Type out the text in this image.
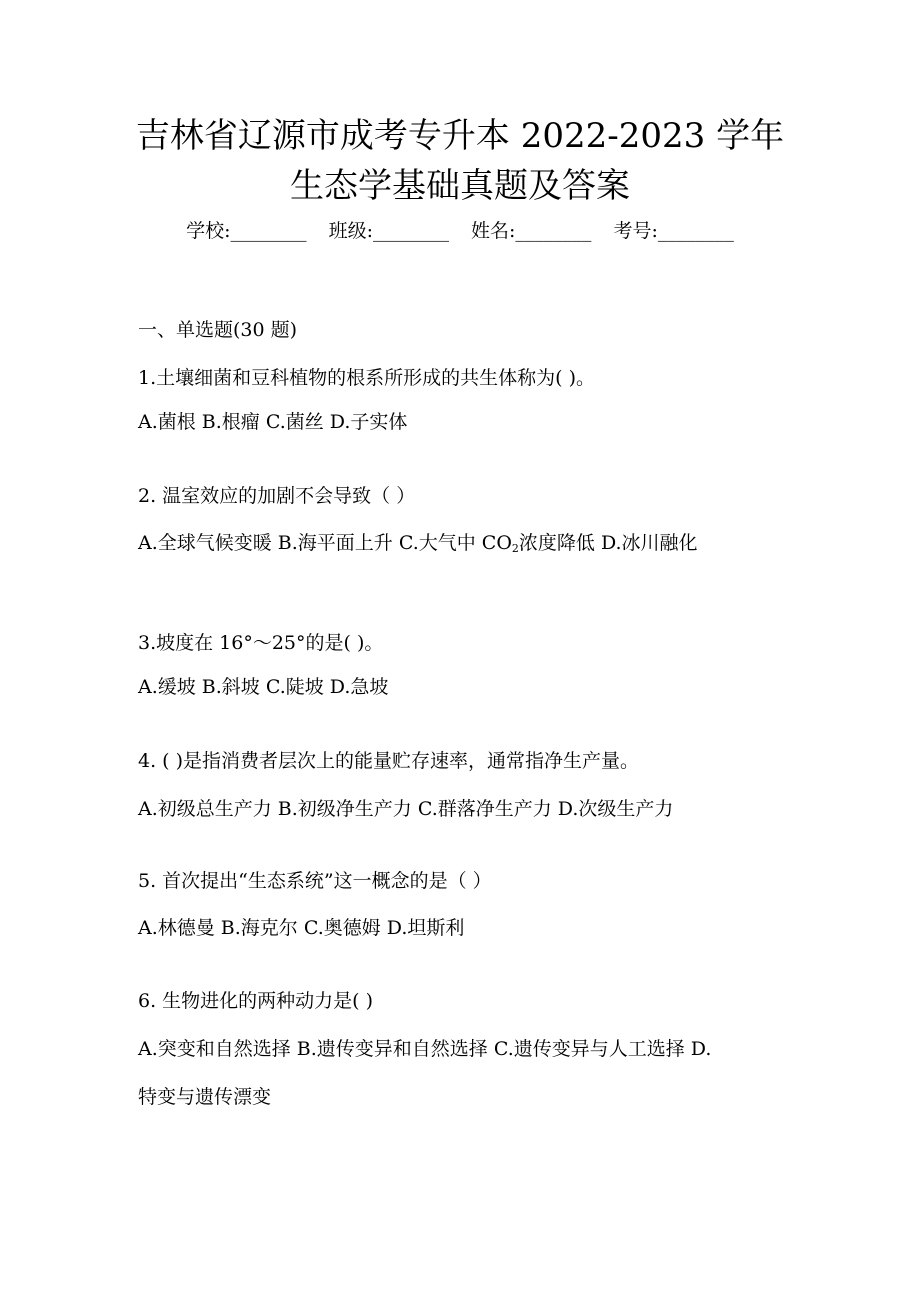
吉林省辽源市成考专升本 2022-2023 学年
生态学基础真题及答案
学校:________ 班级:________ 姓名:________ 考号:________
一、单选题(30 题)
1.土壤细菌和豆科植物的根系所形成的共生体称为( )。
A.菌根 B.根瘤 C.菌丝 D.子实体
2. 温室效应的加剧不会导致（ ）
A.全球气候变暖 B.海平面上升 C.大气中 $CO_2$浓度降低 D.冰川融化
3.坡度在 16°～25°的是( )。
A.缓坡 B.斜坡 C.陡坡 D.急坡
4. ( )是指消费者层次上的能量贮存速率，通常指净生产量。
A.初级总生产力 B.初级净生产力 C.群落净生产力 D.次级生产力
5. 首次提出“生态系统”这一概念的是（ ）
A.林德曼 B.海克尔 C.奥德姆 D.坦斯利
6. 生物进化的两种动力是( )
A.突变和自然选择 B.遗传变异和自然选择 C.遗传变异与人工选择 D.
特变与遗传漂变
